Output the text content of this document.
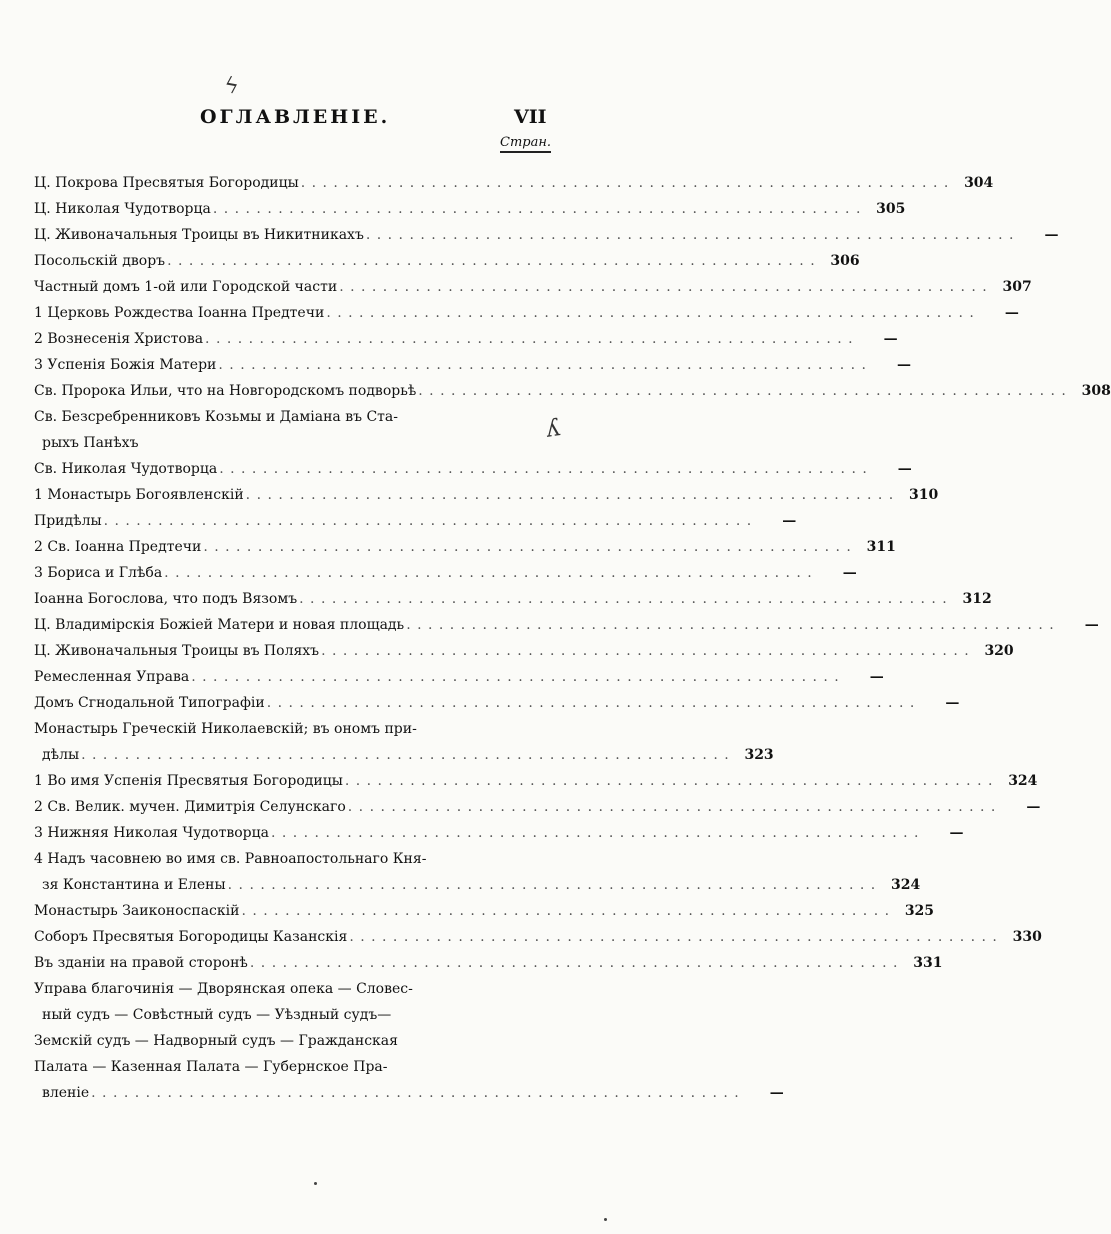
ϟ
ОГЛАВЛЕНІЕ.	VII
Стран.
Ц. Покрова Пресвятыя Богородицы . . . . . . . . . . . . . . . . . . . . . . . . . . . . . . . . . . . . . . . . . . . . . . . . . . . . . . . . . . . .	304
Ц. Николая Чудотворца . . . . . . . . . . . . . . . . . . . . . . . . . . . . . . . . . . . . . . . . . . . . . . . . . . . . . . . . . . . .	305
Ц. Живоначальныя Троицы въ Никитникахъ . . . . . . . . . . . . . . . . . . . . . . . . . . . . . . . . . . . . . . . . . . . . . . . . . . . . . . . . . . . .	—
Посольскій дворъ . . . . . . . . . . . . . . . . . . . . . . . . . . . . . . . . . . . . . . . . . . . . . . . . . . . . . . . . . . . .	306
Частный домъ 1-ой или Городской части . . . . . . . . . . . . . . . . . . . . . . . . . . . . . . . . . . . . . . . . . . . . . . . . . . . . . . . . . . . .	307
1 Церковь Рождества Іоанна Предтечи . . . . . . . . . . . . . . . . . . . . . . . . . . . . . . . . . . . . . . . . . . . . . . . . . . . . . . . . . . . .	—
2 Вознесенія Христова . . . . . . . . . . . . . . . . . . . . . . . . . . . . . . . . . . . . . . . . . . . . . . . . . . . . . . . . . . . .	—
3 Успенія Божія Матери . . . . . . . . . . . . . . . . . . . . . . . . . . . . . . . . . . . . . . . . . . . . . . . . . . . . . . . . . . . .	—
Св. Пророка Ильи, что на Новгородскомъ подворьѣ . . . . . . . . . . . . . . . . . . . . . . . . . . . . . . . . . . . . . . . . . . . . . . . . . . . . . . . . . . . .	308
Св. Безсребренниковъ Козьмы и Даміана въ Ста-
рыхъ Панѣхъ
Св. Николая Чудотворца . . . . . . . . . . . . . . . . . . . . . . . . . . . . . . . . . . . . . . . . . . . . . . . . . . . . . . . . . . . .	—
1 Монастырь Богоявленскій . . . . . . . . . . . . . . . . . . . . . . . . . . . . . . . . . . . . . . . . . . . . . . . . . . . . . . . . . . . .	310
Придѣлы . . . . . . . . . . . . . . . . . . . . . . . . . . . . . . . . . . . . . . . . . . . . . . . . . . . . . . . . . . . .	—
2 Св. Іоанна Предтечи . . . . . . . . . . . . . . . . . . . . . . . . . . . . . . . . . . . . . . . . . . . . . . . . . . . . . . . . . . . .	311
3 Бориса и Глѣба . . . . . . . . . . . . . . . . . . . . . . . . . . . . . . . . . . . . . . . . . . . . . . . . . . . . . . . . . . . .	—
Іоанна Богослова, что подъ Вязомъ . . . . . . . . . . . . . . . . . . . . . . . . . . . . . . . . . . . . . . . . . . . . . . . . . . . . . . . . . . . .	312
Ц. Владимірскія Божіей Матери и новая площадь . . . . . . . . . . . . . . . . . . . . . . . . . . . . . . . . . . . . . . . . . . . . . . . . . . . . . . . . . . . .	—
Ц. Живоначальныя Троицы въ Поляхъ . . . . . . . . . . . . . . . . . . . . . . . . . . . . . . . . . . . . . . . . . . . . . . . . . . . . . . . . . . . .	320
Ремесленная Управа . . . . . . . . . . . . . . . . . . . . . . . . . . . . . . . . . . . . . . . . . . . . . . . . . . . . . . . . . . . .	—
Домъ Сгнодальной Типографіи . . . . . . . . . . . . . . . . . . . . . . . . . . . . . . . . . . . . . . . . . . . . . . . . . . . . . . . . . . . .	—
Монастырь Греческій Николаевскій; въ ономъ при-
дѣлы . . . . . . . . . . . . . . . . . . . . . . . . . . . . . . . . . . . . . . . . . . . . . . . . . . . . . . . . . . . .	323
1 Во имя Успенія Пресвятыя Богородицы . . . . . . . . . . . . . . . . . . . . . . . . . . . . . . . . . . . . . . . . . . . . . . . . . . . . . . . . . . . .	324
2 Св. Велик. мучен. Димитрія Селунскаго . . . . . . . . . . . . . . . . . . . . . . . . . . . . . . . . . . . . . . . . . . . . . . . . . . . . . . . . . . . .	—
3 Нижняя Николая Чудотворца . . . . . . . . . . . . . . . . . . . . . . . . . . . . . . . . . . . . . . . . . . . . . . . . . . . . . . . . . . . .	—
4 Надъ часовнею во имя св. Равноапостольнаго Кня-
зя Константина и Елены . . . . . . . . . . . . . . . . . . . . . . . . . . . . . . . . . . . . . . . . . . . . . . . . . . . . . . . . . . . .	324
Монастырь Заиконоспаскій . . . . . . . . . . . . . . . . . . . . . . . . . . . . . . . . . . . . . . . . . . . . . . . . . . . . . . . . . . . .	325
Соборъ Пресвятыя Богородицы Казанскія . . . . . . . . . . . . . . . . . . . . . . . . . . . . . . . . . . . . . . . . . . . . . . . . . . . . . . . . . . . .	330
Въ зданіи на правой сторонѣ . . . . . . . . . . . . . . . . . . . . . . . . . . . . . . . . . . . . . . . . . . . . . . . . . . . . . . . . . . . .	331
Управа благочинія — Дворянская опека — Словес-
ный судъ — Совѣстный судъ — Уѣздный судъ—
Земскій судъ — Надворный судъ — Гражданская
Палата — Казенная Палата — Губернское Пра-
вленіе . . . . . . . . . . . . . . . . . . . . . . . . . . . . . . . . . . . . . . . . . . . . . . . . . . . . . . . . . . . .	—
ʎ
